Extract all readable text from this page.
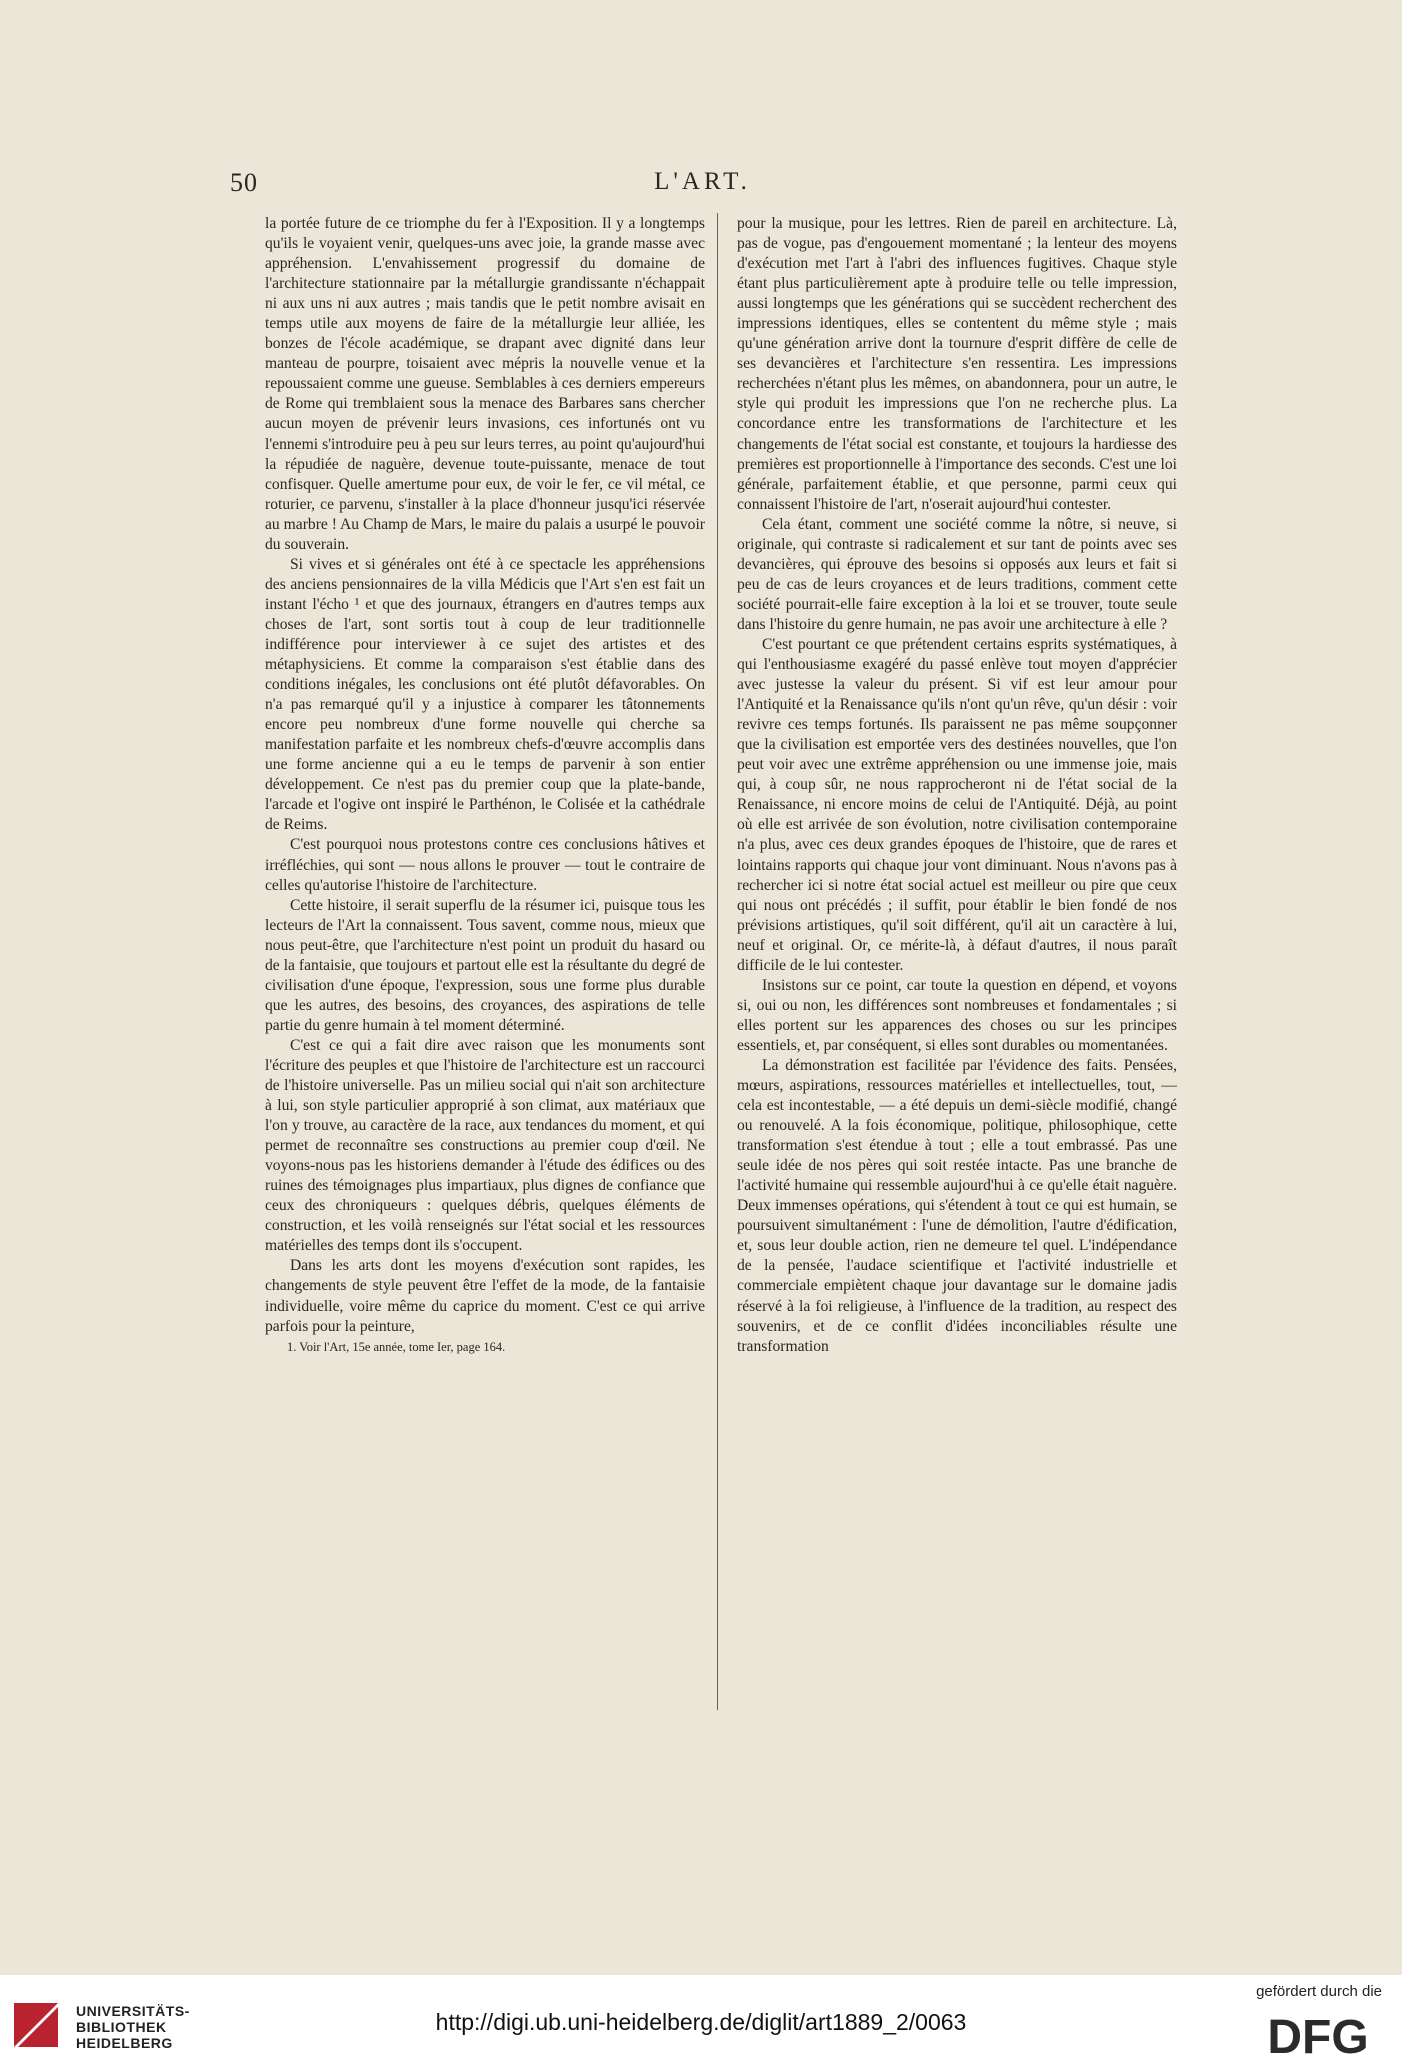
50	L'ART.

la portée future de ce triomphe du fer à l'Exposition. Il y a longtemps qu'ils le voyaient venir, quelques-uns avec joie, la grande masse avec appréhension. L'envahissement progressif du domaine de l'architecture stationnaire par la métallurgie grandissante n'échappait ni aux uns ni aux autres ; mais tandis que le petit nombre avisait en temps utile aux moyens de faire de la métallurgie leur alliée, les bonzes de l'école académique, se drapant avec dignité dans leur manteau de pourpre, toisaient avec mépris la nouvelle venue et la repoussaient comme une gueuse. Semblables à ces derniers empereurs de Rome qui tremblaient sous la menace des Barbares sans chercher aucun moyen de prévenir leurs invasions, ces infortunés ont vu l'ennemi s'introduire peu à peu sur leurs terres, au point qu'aujourd'hui la répudiée de naguère, devenue toute-puissante, menace de tout confisquer. Quelle amertume pour eux, de voir le fer, ce vil métal, ce roturier, ce parvenu, s'installer à la place d'honneur jusqu'ici réservée au marbre ! Au Champ de Mars, le maire du palais a usurpé le pouvoir du souverain.

Si vives et si générales ont été à ce spectacle les appréhensions des anciens pensionnaires de la villa Médicis que l'Art s'en est fait un instant l'écho ¹ et que des journaux, étrangers en d'autres temps aux choses de l'art, sont sortis tout à coup de leur traditionnelle indifférence pour interviewer à ce sujet des artistes et des métaphysiciens. Et comme la comparaison s'est établie dans des conditions inégales, les conclusions ont été plutôt défavorables. On n'a pas remarqué qu'il y a injustice à comparer les tâtonnements encore peu nombreux d'une forme nouvelle qui cherche sa manifestation parfaite et les nombreux chefs-d'œuvre accomplis dans une forme ancienne qui a eu le temps de parvenir à son entier développement. Ce n'est pas du premier coup que la plate-bande, l'arcade et l'ogive ont inspiré le Parthénon, le Colisée et la cathédrale de Reims.

C'est pourquoi nous protestons contre ces conclusions hâtives et irréfléchies, qui sont — nous allons le prouver — tout le contraire de celles qu'autorise l'histoire de l'architecture.

Cette histoire, il serait superflu de la résumer ici, puisque tous les lecteurs de l'Art la connaissent. Tous savent, comme nous, mieux que nous peut-être, que l'architecture n'est point un produit du hasard ou de la fantaisie, que toujours et partout elle est la résultante du degré de civilisation d'une époque, l'expression, sous une forme plus durable que les autres, des besoins, des croyances, des aspirations de telle partie du genre humain à tel moment déterminé.

C'est ce qui a fait dire avec raison que les monuments sont l'écriture des peuples et que l'histoire de l'architecture est un raccourci de l'histoire universelle. Pas un milieu social qui n'ait son architecture à lui, son style particulier approprié à son climat, aux matériaux que l'on y trouve, au caractère de la race, aux tendances du moment, et qui permet de reconnaître ses constructions au premier coup d'œil. Ne voyons-nous pas les historiens demander à l'étude des édifices ou des ruines des témoignages plus impartiaux, plus dignes de confiance que ceux des chroniqueurs : quelques débris, quelques éléments de construction, et les voilà renseignés sur l'état social et les ressources matérielles des temps dont ils s'occupent.

Dans les arts dont les moyens d'exécution sont rapides, les changements de style peuvent être l'effet de la mode, de la fantaisie individuelle, voire même du caprice du moment. C'est ce qui arrive parfois pour la peinture,

1. Voir l'Art, 15e année, tome Ier, page 164.

pour la musique, pour les lettres. Rien de pareil en architecture. Là, pas de vogue, pas d'engouement momentané ; la lenteur des moyens d'exécution met l'art à l'abri des influences fugitives. Chaque style étant plus particulièrement apte à produire telle ou telle impression, aussi longtemps que les générations qui se succèdent recherchent des impressions identiques, elles se contentent du même style ; mais qu'une génération arrive dont la tournure d'esprit diffère de celle de ses devancières et l'architecture s'en ressentira. Les impressions recherchées n'étant plus les mêmes, on abandonnera, pour un autre, le style qui produit les impressions que l'on ne recherche plus. La concordance entre les transformations de l'architecture et les changements de l'état social est constante, et toujours la hardiesse des premières est proportionnelle à l'importance des seconds. C'est une loi générale, parfaitement établie, et que personne, parmi ceux qui connaissent l'histoire de l'art, n'oserait aujourd'hui contester.

Cela étant, comment une société comme la nôtre, si neuve, si originale, qui contraste si radicalement et sur tant de points avec ses devancières, qui éprouve des besoins si opposés aux leurs et fait si peu de cas de leurs croyances et de leurs traditions, comment cette société pourrait-elle faire exception à la loi et se trouver, toute seule dans l'histoire du genre humain, ne pas avoir une architecture à elle ?

C'est pourtant ce que prétendent certains esprits systématiques, à qui l'enthousiasme exagéré du passé enlève tout moyen d'apprécier avec justesse la valeur du présent. Si vif est leur amour pour l'Antiquité et la Renaissance qu'ils n'ont qu'un rêve, qu'un désir : voir revivre ces temps fortunés. Ils paraissent ne pas même soupçonner que la civilisation est emportée vers des destinées nouvelles, que l'on peut voir avec une extrême appréhension ou une immense joie, mais qui, à coup sûr, ne nous rapprocheront ni de l'état social de la Renaissance, ni encore moins de celui de l'Antiquité. Déjà, au point où elle est arrivée de son évolution, notre civilisation contemporaine n'a plus, avec ces deux grandes époques de l'histoire, que de rares et lointains rapports qui chaque jour vont diminuant. Nous n'avons pas à rechercher ici si notre état social actuel est meilleur ou pire que ceux qui nous ont précédés ; il suffit, pour établir le bien fondé de nos prévisions artistiques, qu'il soit différent, qu'il ait un caractère à lui, neuf et original. Or, ce mérite-là, à défaut d'autres, il nous paraît difficile de le lui contester.

Insistons sur ce point, car toute la question en dépend, et voyons si, oui ou non, les différences sont nombreuses et fondamentales ; si elles portent sur les apparences des choses ou sur les principes essentiels, et, par conséquent, si elles sont durables ou momentanées.

La démonstration est facilitée par l'évidence des faits. Pensées, mœurs, aspirations, ressources matérielles et intellectuelles, tout, — cela est incontestable, — a été depuis un demi-siècle modifié, changé ou renouvelé. A la fois économique, politique, philosophique, cette transformation s'est étendue à tout ; elle a tout embrassé. Pas une seule idée de nos pères qui soit restée intacte. Pas une branche de l'activité humaine qui ressemble aujourd'hui à ce qu'elle était naguère. Deux immenses opérations, qui s'étendent à tout ce qui est humain, se poursuivent simultanément : l'une de démolition, l'autre d'édification, et, sous leur double action, rien ne demeure tel quel. L'indépendance de la pensée, l'audace scientifique et l'activité industrielle et commerciale empiètent chaque jour davantage sur le domaine jadis réservé à la foi religieuse, à l'influence de la tradition, au respect des souvenirs, et de ce conflit d'idées inconciliables résulte une transformation

UNIVERSITÄTS-
BIBLIOTHEK
HEIDELBERG
http://digi.ub.uni-heidelberg.de/diglit/art1889_2/0063
gefördert durch die
DFG
